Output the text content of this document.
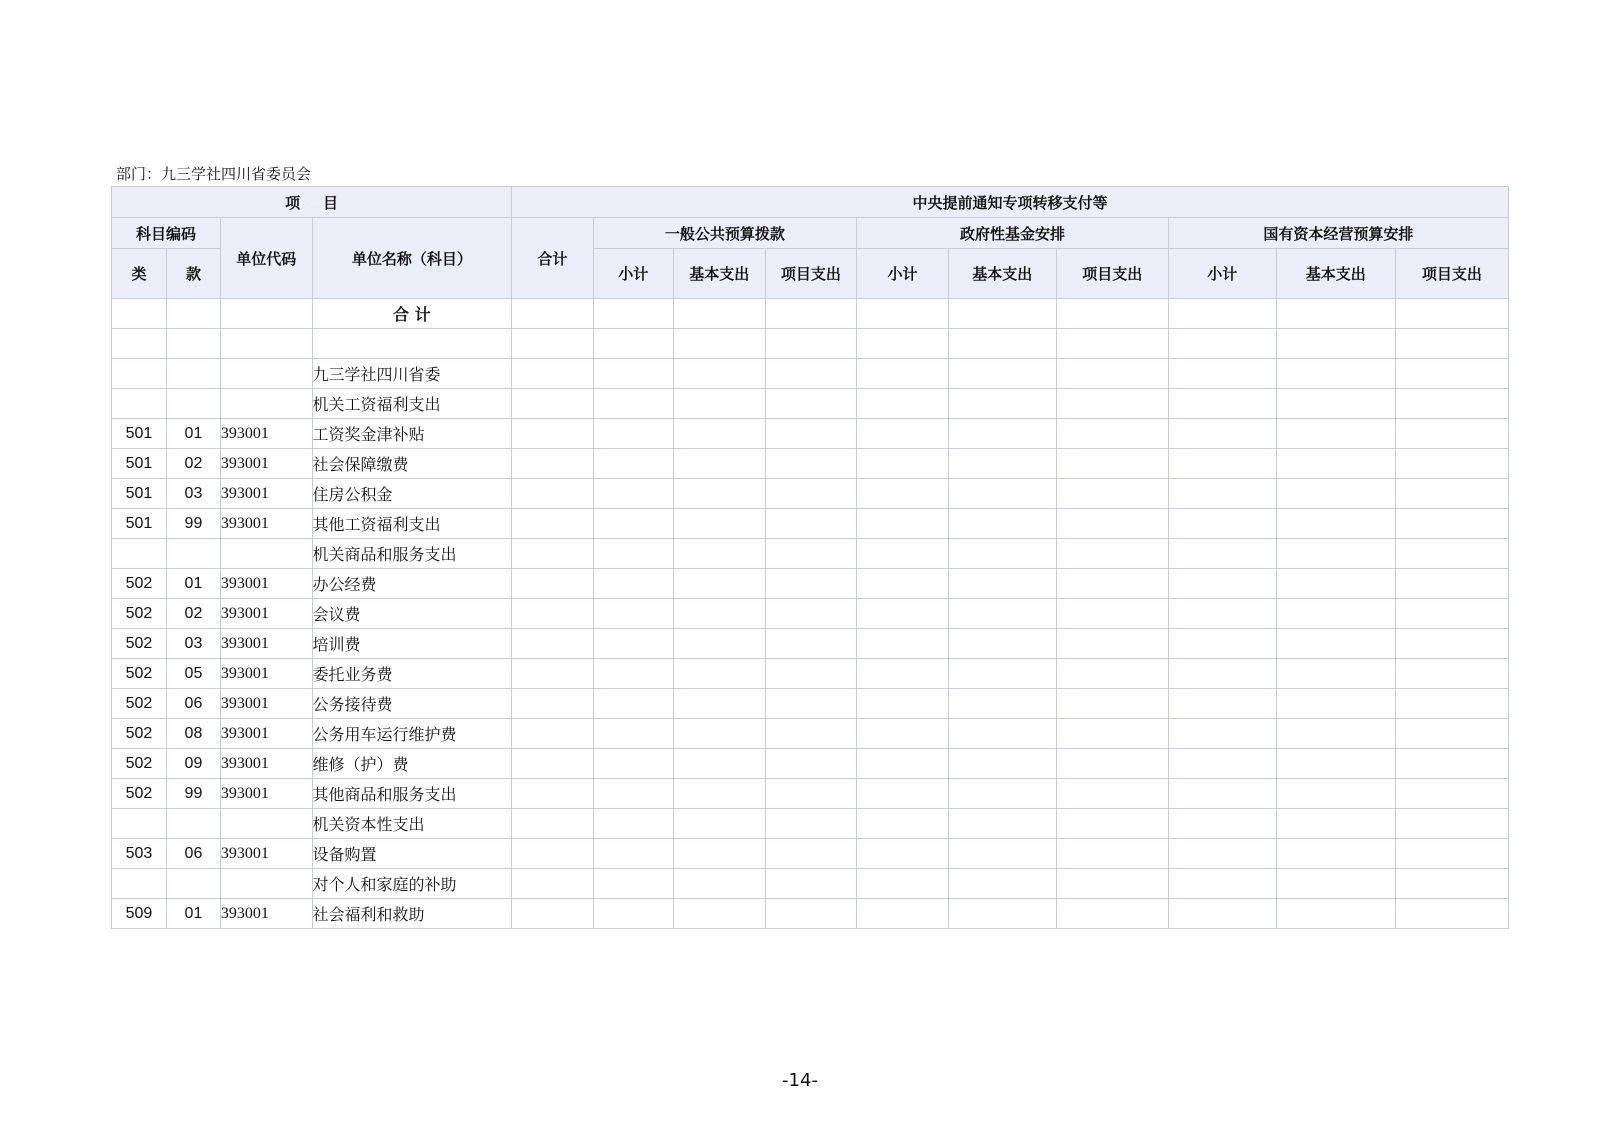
部门：九三学社四川省委员会
项 . . . 目				中央提前通知专项转移支付等									
科目编码		单位代码	单位名称（科目）	合计	一般公共预算拨款			政府性基金安排			国有资本经营预算安排		
类	款				小计	基本支出	项目支出	小计	基本支出	项目支出	小计	基本支出	项目支出
			合 计										

			九三学社四川省委										
			机关工资福利支出										
501	01	393001	工资奖金津补贴										
501	02	393001	社会保障缴费										
501	03	393001	住房公积金										
501	99	393001	其他工资福利支出										
			机关商品和服务支出										
502	01	393001	办公经费										
502	02	393001	会议费										
502	03	393001	培训费										
502	05	393001	委托业务费										
502	06	393001	公务接待费										
502	08	393001	公务用车运行维护费										
502	09	393001	维修（护）费										
502	99	393001	其他商品和服务支出										
			机关资本性支出										
503	06	393001	设备购置										
			对个人和家庭的补助										
509	01	393001	社会福利和救助										
-14-
